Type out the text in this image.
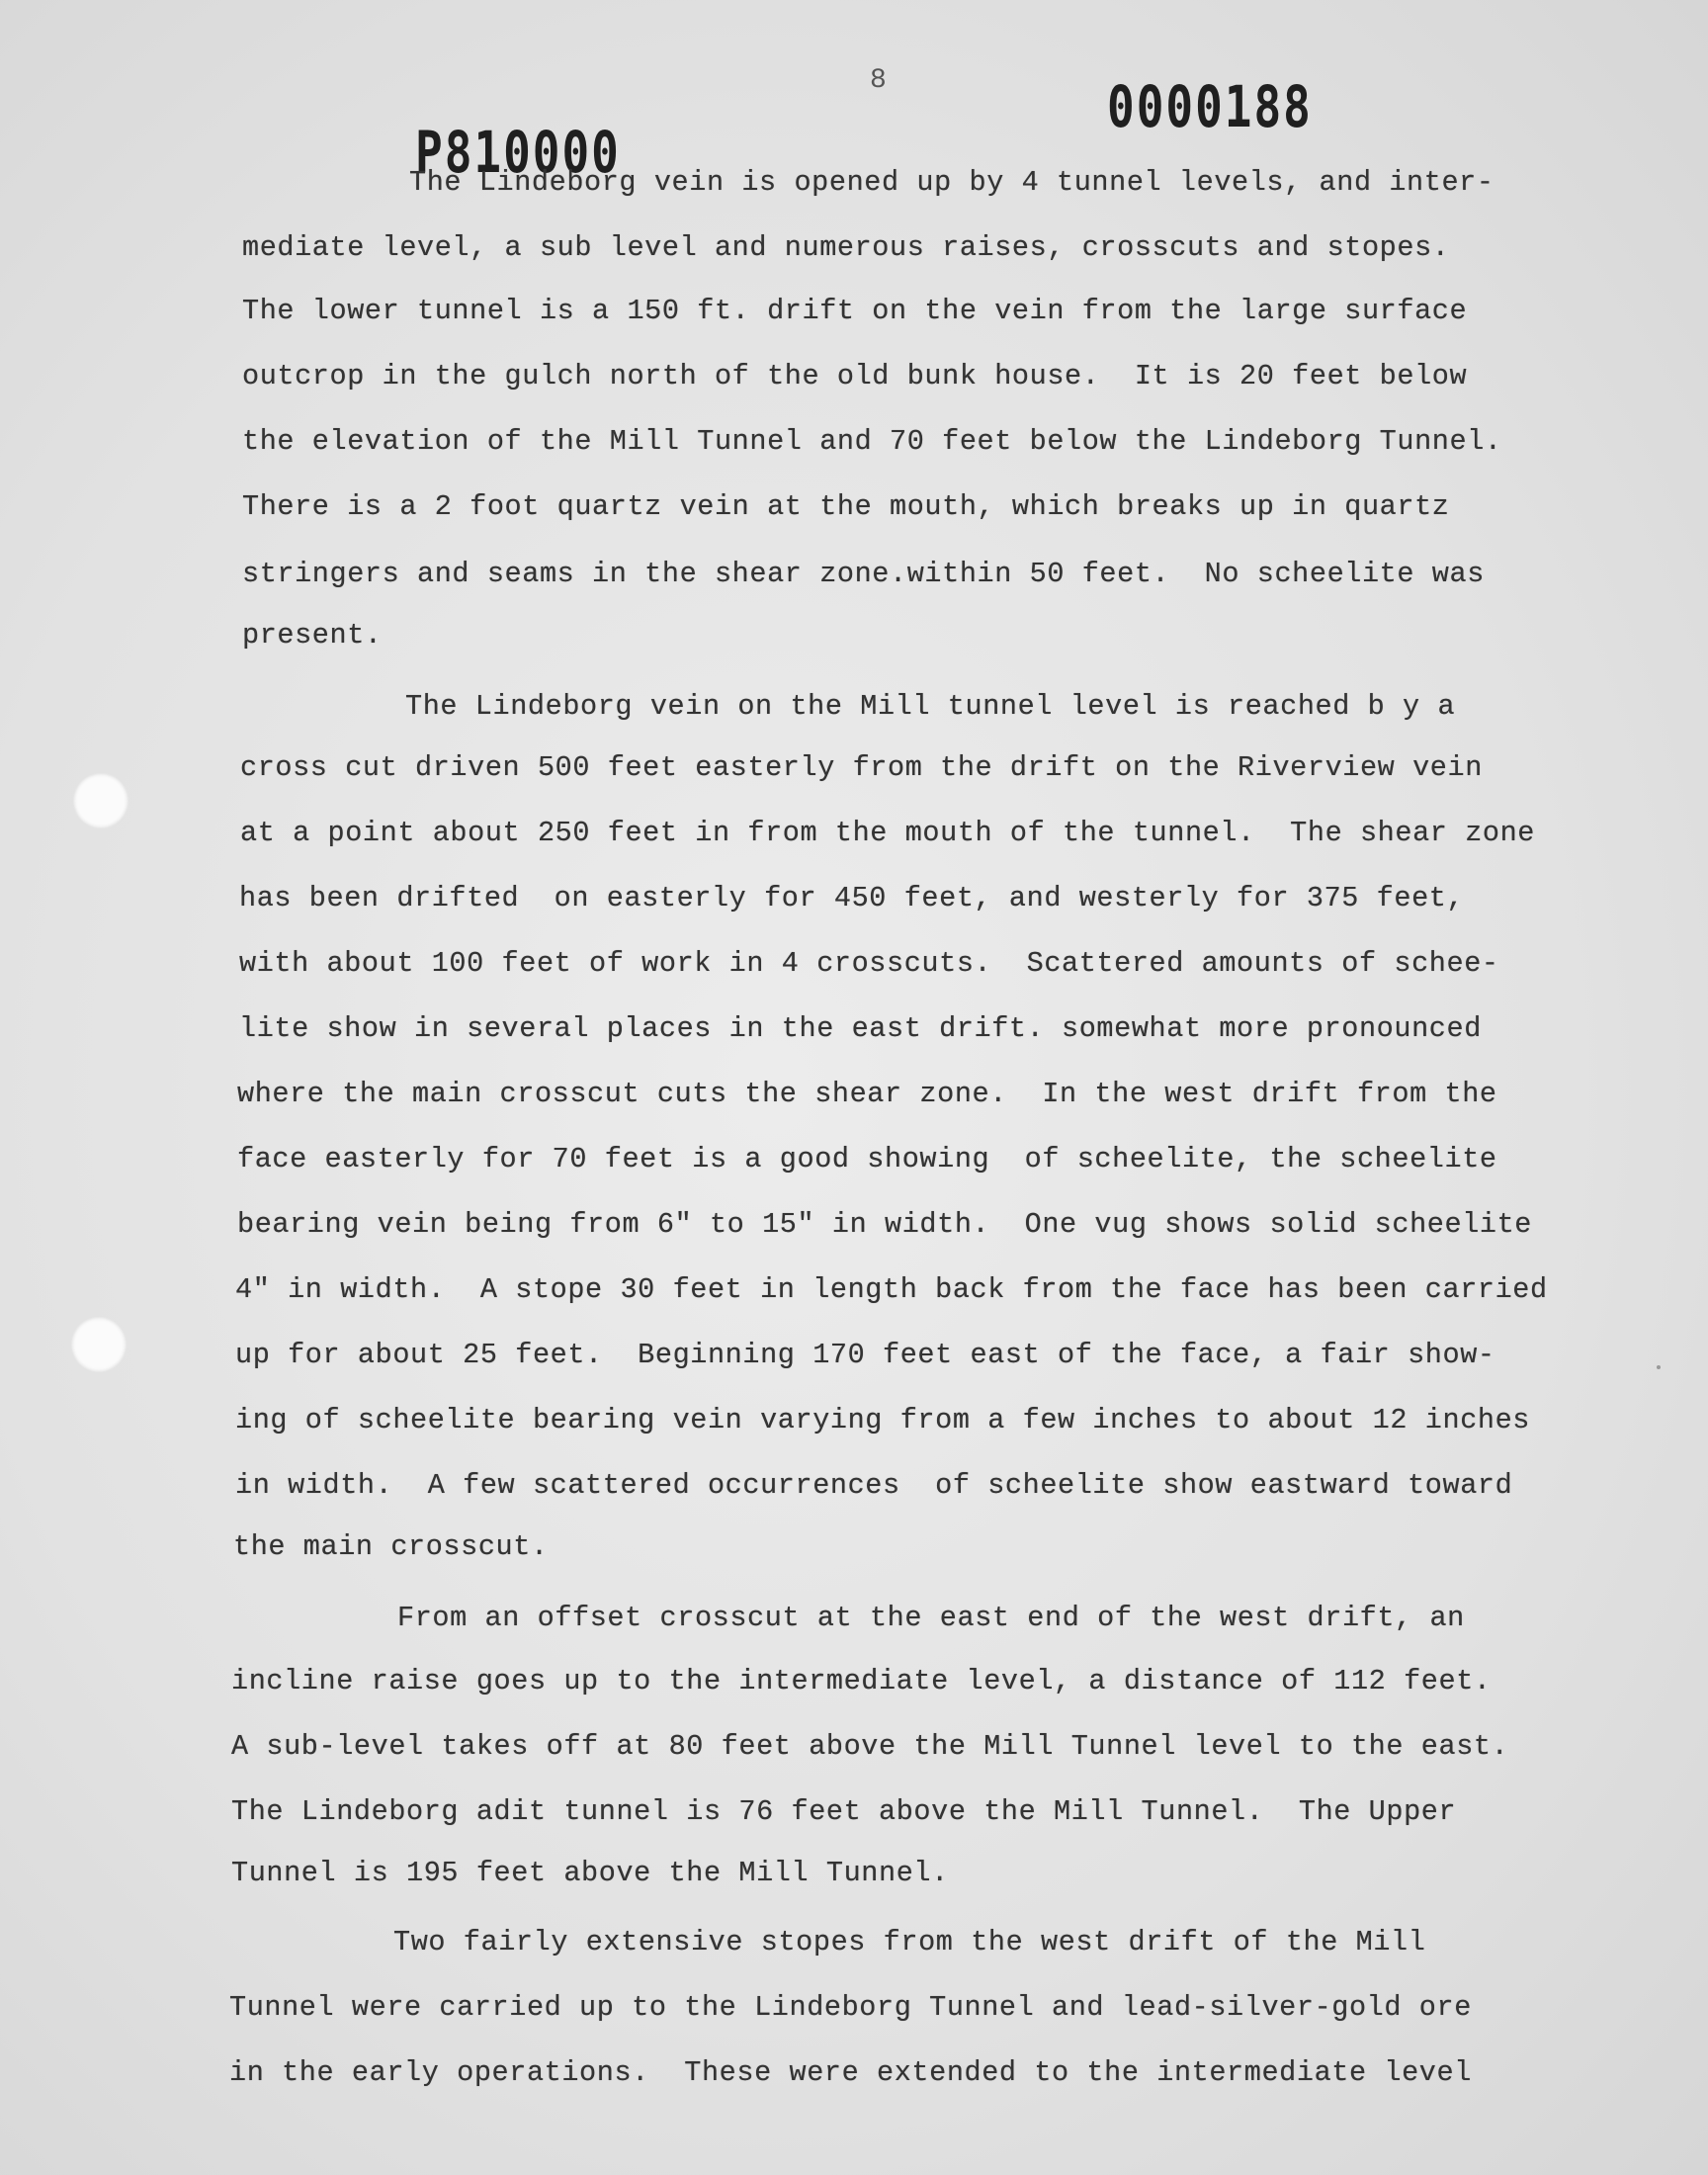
8	0000188
P810000
The Lindeborg vein is opened up by 4 tunnel levels, and inter-
mediate level, a sub level and numerous raises, crosscuts and stopes.
The lower tunnel is a 150 ft. drift on the vein from the large surface
outcrop in the gulch north of the old bunk house.  It is 20 feet below
the elevation of the Mill Tunnel and 70 feet below the Lindeborg Tunnel.
There is a 2 foot quartz vein at the mouth, which breaks up in quartz
stringers and seams in the shear zone.within 50 feet.  No scheelite was
present.
The Lindeborg vein on the Mill tunnel level is reached b y a
cross cut driven 500 feet easterly from the drift on the Riverview vein
at a point about 250 feet in from the mouth of the tunnel.  The shear zone
has been drifted  on easterly for 450 feet, and westerly for 375 feet,
with about 100 feet of work in 4 crosscuts.  Scattered amounts of schee-
lite show in several places in the east drift. somewhat more pronounced
where the main crosscut cuts the shear zone.  In the west drift from the
face easterly for 70 feet is a good showing  of scheelite, the scheelite
bearing vein being from 6" to 15" in width.  One vug shows solid scheelite
4" in width.  A stope 30 feet in length back from the face has been carried
up for about 25 feet.  Beginning 170 feet east of the face, a fair show-
ing of scheelite bearing vein varying from a few inches to about 12 inches
in width.  A few scattered occurrences  of scheelite show eastward toward
the main crosscut.
From an offset crosscut at the east end of the west drift, an
incline raise goes up to the intermediate level, a distance of 112 feet.
A sub-level takes off at 80 feet above the Mill Tunnel level to the east.
The Lindeborg adit tunnel is 76 feet above the Mill Tunnel.  The Upper
Tunnel is 195 feet above the Mill Tunnel.
Two fairly extensive stopes from the west drift of the Mill
Tunnel were carried up to the Lindeborg Tunnel and lead-silver-gold ore
in the early operations.  These were extended to the intermediate level
